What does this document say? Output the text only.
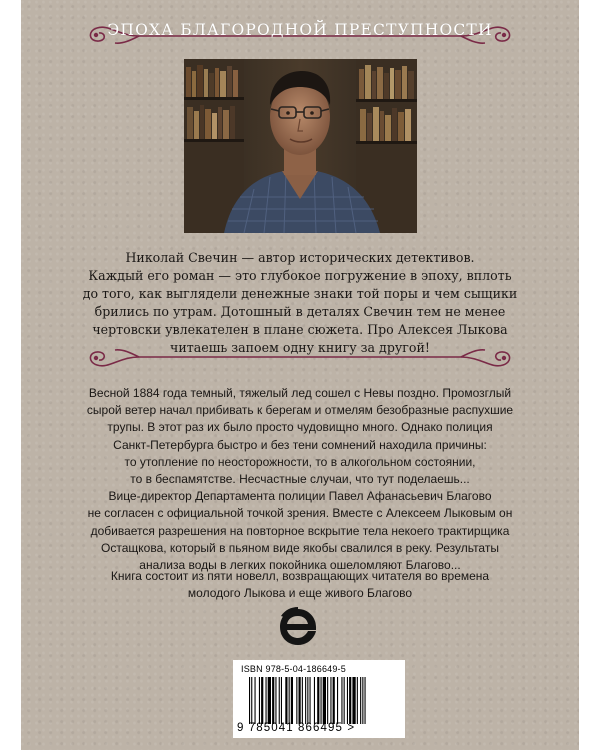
ЭПОХА БЛАГОРОДНОЙ ПРЕСТУПНОСТИ
Николай Свечин — автор исторических детективов.
Каждый его роман — это глубокое погружение в эпоху, вплоть
до того, как выглядели денежные знаки той поры и чем сыщики
брились по утрам. Дотошный в деталях Свечин тем не менее
чертовски увлекателен в плане сюжета. Про Алексея Лыкова
читаешь запоем одну книгу за другой!
Весной 1884 года темный, тяжелый лед сошел с Невы поздно. Промозглый
сырой ветер начал прибивать к берегам и отмелям безобразные распухшие
трупы. В этот раз их было просто чудовищно много. Однако полиция
Санкт-Петербурга быстро и без тени сомнений находила причины:
то утопление по неосторожности, то в алкогольном состоянии,
то в беспамятстве. Несчастные случаи, что тут поделаешь...
Вице-директор Департамента полиции Павел Афанасьевич Благово
не согласен с официальной точкой зрения. Вместе с Алексеем Лыковым он
добивается разрешения на повторное вскрытие тела некоего трактирщика
Остащкова, который в пьяном виде якобы свалился в реку. Результаты
анализа воды в легких покойника ошеломляют Благово...
Книга состоит из пяти новелл, возвращающих читателя во времена
молодого Лыкова и еще живого Благово
ISBN 978-5-04-186649-5
9 785041 866495 >
